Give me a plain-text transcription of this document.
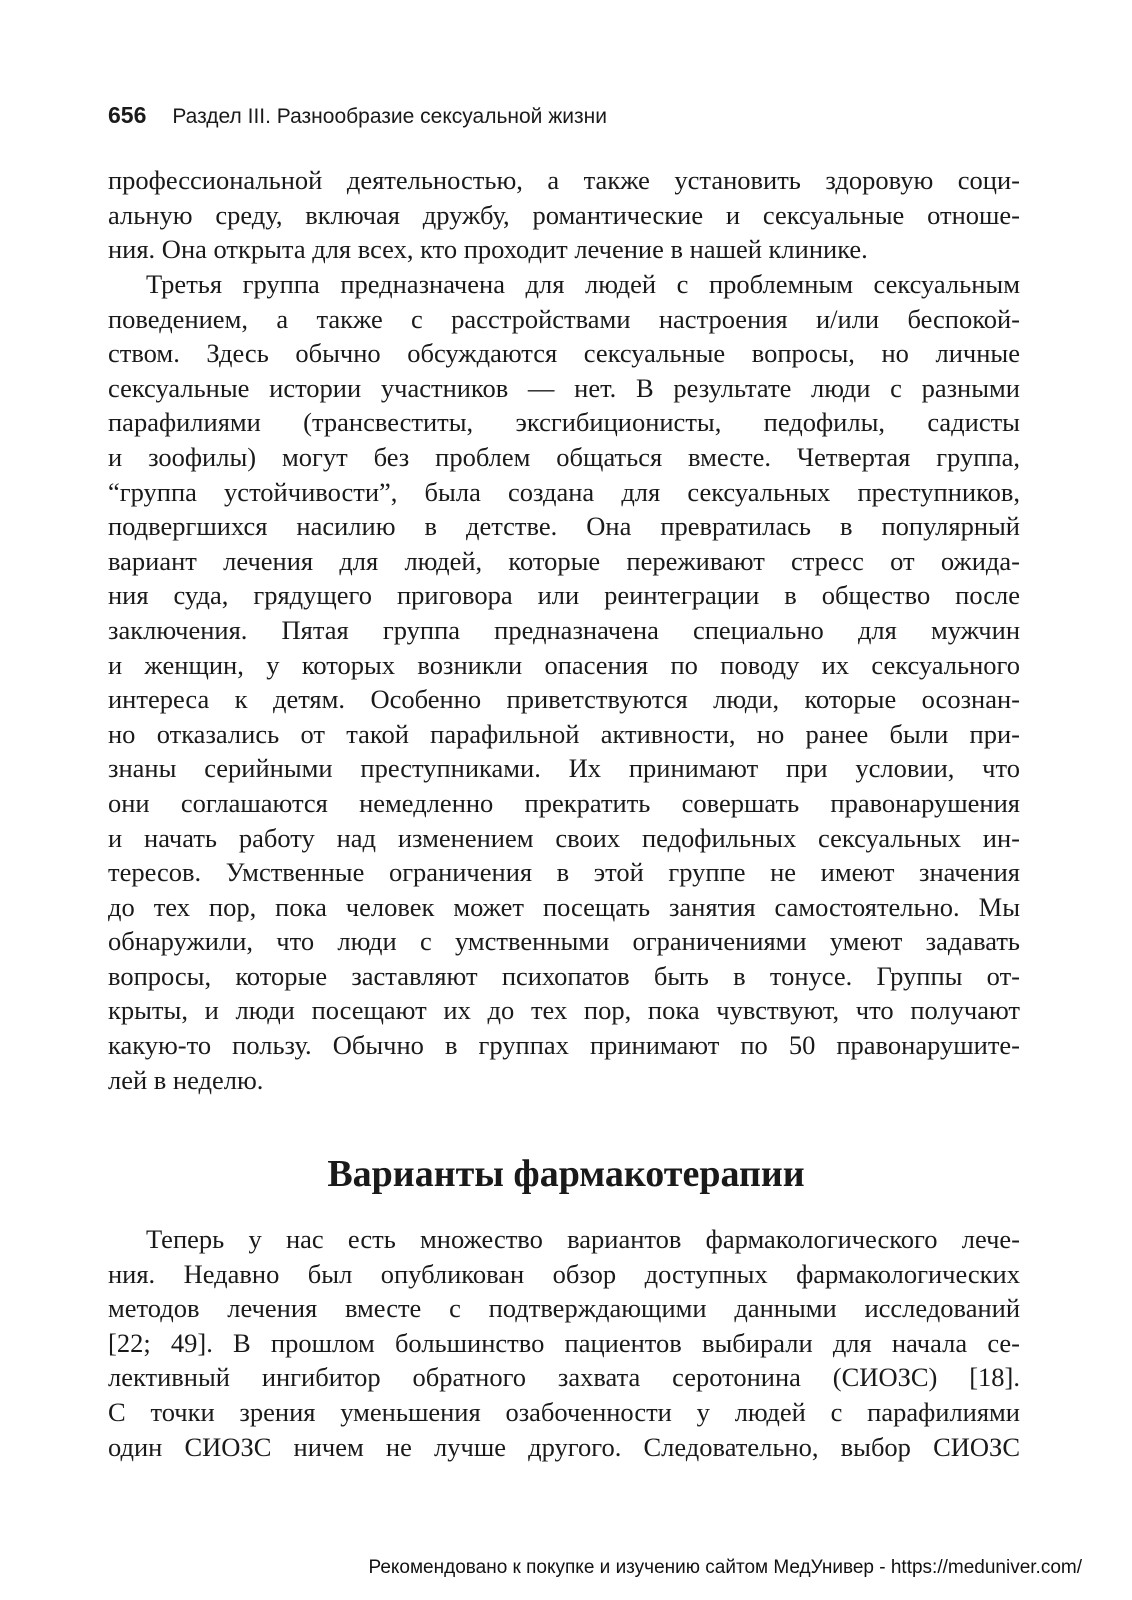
656 Раздел III. Разнообразие сексуальной жизни

профессиональной деятельностью, а также установить здоровую соци-

альную среду, включая дружбу, романтические и сексуальные отноше-

ния. Она открыта для всех, кто проходит лечение в нашей клинике.

Третья группа предназначена для людей с проблемным сексуальным

поведением, а также с расстройствами настроения и/или беспокой-

ством. Здесь обычно обсуждаются сексуальные вопросы, но личные

сексуальные истории участников — нет. В результате люди с разными

парафилиями (трансвеститы, эксгибиционисты, педофилы, садисты

и зоофилы) могут без проблем общаться вместе. Четвертая группа,

“группа устойчивости”, была создана для сексуальных преступников,

подвергшихся насилию в детстве. Она превратилась в популярный

вариант лечения для людей, которые переживают стресс от ожида-

ния суда, грядущего приговора или реинтеграции в общество после

заключения. Пятая группа предназначена специально для мужчин

и женщин, у которых возникли опасения по поводу их сексуального

интереса к детям. Особенно приветствуются люди, которые осознан-

но отказались от такой парафильной активности, но ранее были при-

знаны серийными преступниками. Их принимают при условии, что

они соглашаются немедленно прекратить совершать правонарушения

и начать работу над изменением своих педофильных сексуальных ин-

тересов. Умственные ограничения в этой группе не имеют значения

до тех пор, пока человек может посещать занятия самостоятельно. Мы

обнаружили, что люди с умственными ограничениями умеют задавать

вопросы, которые заставляют психопатов быть в тонусе. Группы от-

крыты, и люди посещают их до тех пор, пока чувствуют, что получают

какую-то пользу. Обычно в группах принимают по 50 правонарушите-

лей в неделю.

Варианты фармакотерапии

Теперь у нас есть множество вариантов фармакологического лече-

ния. Недавно был опубликован обзор доступных фармакологических

методов лечения вместе с подтверждающими данными исследований

[22; 49]. В прошлом большинство пациентов выбирали для начала се-

лективный ингибитор обратного захвата серотонина (СИОЗС) [18].

С точки зрения уменьшения озабоченности у людей с парафилиями

один СИОЗС ничем не лучше другого. Следовательно, выбор СИОЗС

Рекомендовано к покупке и изучению сайтом МедУнивер - https://meduniver.com/
